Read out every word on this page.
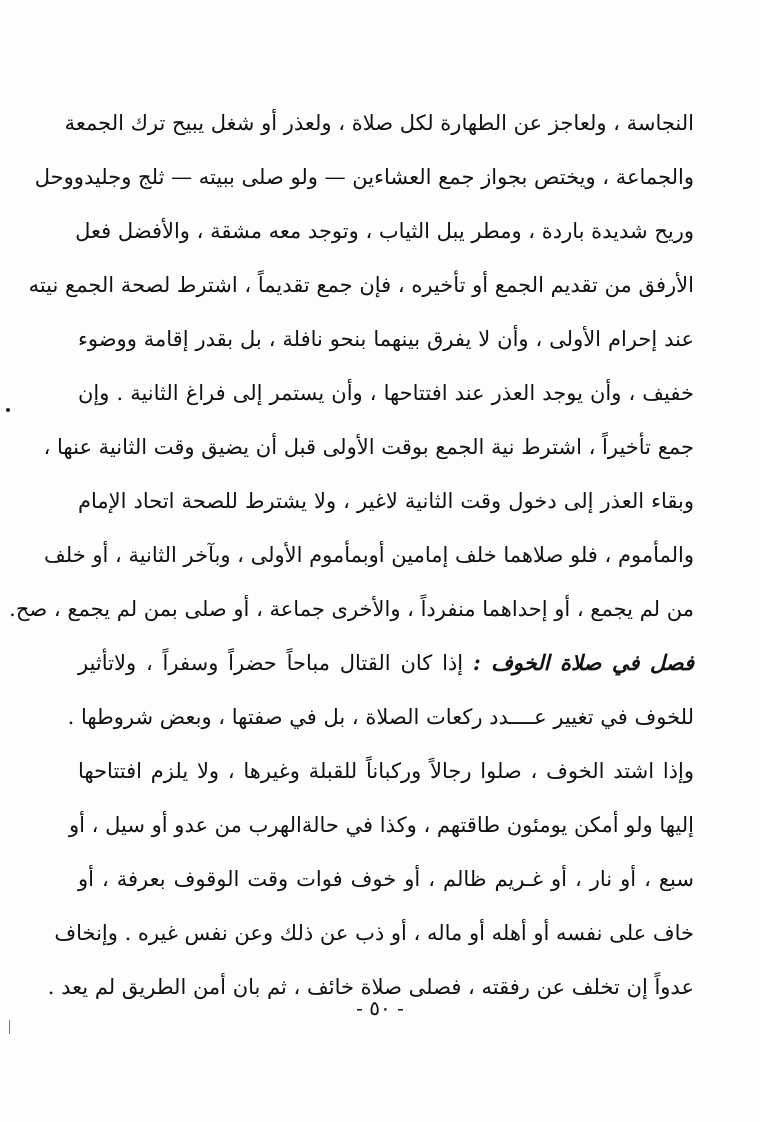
النجاسة ، ولعاجز عن الطهارة لكل صلاة ، ولعذر أو شغل يبيح ترك الجمعة
والجماعة ، ويختص بجواز جمع العشاءين — ولو صلى ببيته — ثلج وجليدووحل
وريح شديدة باردة ، ومطر يبل الثياب ، وتوجد معه مشقة ، والأفضل فعل
الأرفق من تقديم الجمع أو تأخيره ، فإن جمع تقديماً ، اشترط لصحة الجمع نيته
عند إحرام الأولى ، وأن لا يفرق بينهما بنحو نافلة ، بل بقدر إقامة ووضوء
خفيف ، وأن يوجد العذر عند افتتاحها ، وأن يستمر إلى فراغ الثانية . وإن
جمع تأخيراً ، اشترط نية الجمع بوقت الأولى قبل أن يضيق وقت الثانية عنها ،
وبقاء العذر إلى دخول وقت الثانية لاغير ، ولا يشترط للصحة اتحاد الإمام
والمأموم ، فلو صلاهما خلف إمامين أوبمأموم الأولى ، وبآخر الثانية ، أو خلف
من لم يجمع ، أو إحداهما منفرداً ، والأخرى جماعة ، أو صلى بمن لم يجمع ، صح.
فصل في صلاة الخوف : إذا كان القتال مباحاً حضراً وسفراً ، ولاتأثير
للخوف في تغيير عــــدد ركعات الصلاة ، بل في صفتها ، وبعض شروطها .
وإذا اشتد الخوف ، صلوا رجالاً وركباناً للقبلة وغيرها ، ولا يلزم افتتاحها
إليها ولو أمكن يومئون طاقتهم ، وكذا في حالةالهرب من عدو أو سيل ، أو
سبع ، أو نار ، أو غـريم ظالم ، أو خوف فوات وقت الوقوف بعرفة ، أو
خاف على نفسه أو أهله أو ماله ، أو ذب عن ذلك وعن نفس غيره . وإنخاف
عدواً إن تخلف عن رفقته ، فصلى صلاة خائف ، ثم بان أمن الطريق لم يعد .
- ٥٠ -
